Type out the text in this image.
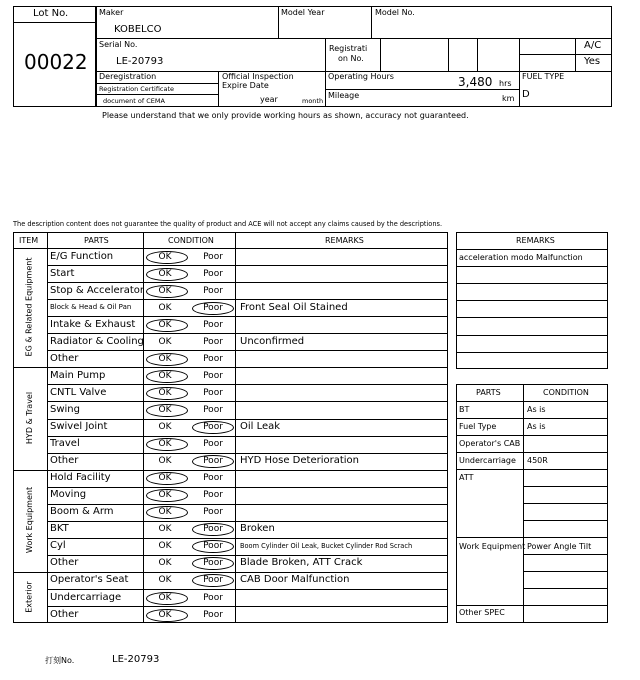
Lot No.
00022
Maker
KOBELCO
Model Year	Model No.
Serial No.
LE-20793
Registrati
on No.
A/C
Yes
Deregistration
Registration Certificate
document of CEMA
Official Inspection
Expire Date
year	month
Operating Hours	3,480 hrs
Mileage	km
FUEL TYPE
D
Please understand that we only provide working hours as shown, accuracy not guaranteed.
The description content does not guarantee the quality of product and ACE will not accept any claims caused by the descriptions.
ITEM	PARTS	CONDITION	REMARKS
EG & Related Equipment
E/G Function	OK	Poor
Start	OK	Poor
Stop & Accelerator	OK	Poor
Block & Head & Oil Pan	OK	Poor	Front Seal Oil Stained
Intake & Exhaust	OK	Poor
Radiator & Cooling	OK	Poor	Unconfirmed
Other	OK	Poor
HYD & Travel
Main Pump	OK	Poor
CNTL Valve	OK	Poor
Swing	OK	Poor
Swivel Joint	OK	Poor	Oil Leak
Travel	OK	Poor
Other	OK	Poor	HYD Hose Deterioration
Work Equipment
Hold Facility	OK	Poor
Moving	OK	Poor
Boom & Arm	OK	Poor
BKT	OK	Poor	Broken
Cyl	OK	Poor	Boom Cylinder Oil Leak, Bucket Cylinder Rod Scrach
Other	OK	Poor	Blade Broken, ATT Crack
Exterior
Operator's Seat	OK	Poor	CAB Door Malfunction
Undercarriage	OK	Poor
Other	OK	Poor
REMARKS
acceleration modo Malfunction
PARTS	CONDITION
BT	As is
Fuel Type	As is
Operator's CAB
Undercarriage 450R
ATT
Work Equipment Power Angle Tilt
Other SPEC
打刻No.	LE-20793
